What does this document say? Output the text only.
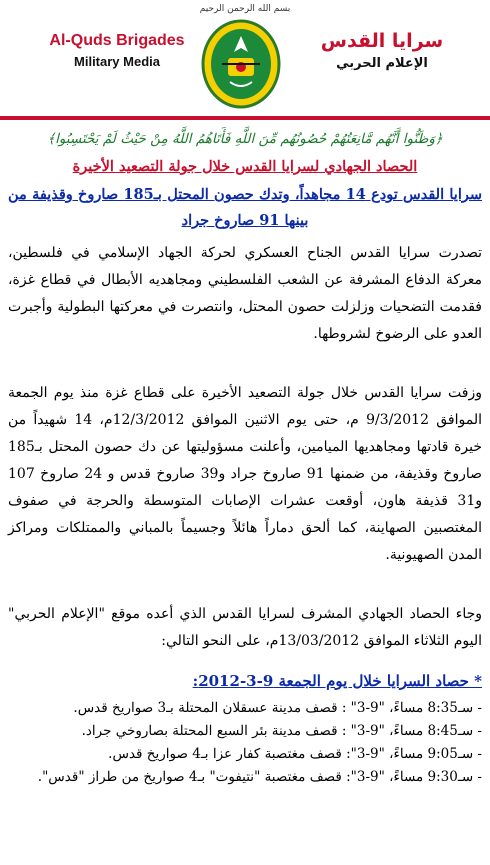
بسم الله الرحمن الرحيم
Al-Quds Brigades
Military Media
سرايا القدس
الإعلام الحربي
﴿وَظَنُّوا أَنَّهُم مَّانِعَتُهُمْ حُصُونُهُم مِّنَ اللَّهِ فَأَتَاهُمُ اللَّهُ مِنْ حَيْثُ لَمْ يَحْتَسِبُوا﴾
الحصاد الجهادي لسرايا القدس خلال جولة التصعيد الأخيرة
سرايا القدس تودع 14 مجاهداً، وتدك حصون المحتل بـ185 صاروخ وقذيفة من بينها 91 صاروخ جراد

تصدرت سرايا القدس الجناح العسكري لحركة الجهاد الإسلامي في فلسطين، معركة الدفاع المشرفة عن الشعب الفلسطيني ومجاهديه الأبطال في قطاع غزة، فقدمت التضحيات وزلزلت حصون المحتل، وانتصرت في معركتها البطولية وأجبرت العدو على الرضوخ لشروطها.

وزفت سرايا القدس خلال جولة التصعيد الأخيرة على قطاع غزة منذ يوم الجمعة الموافق 9/3/2012 م، حتى يوم الاثنين الموافق 12/3/2012م، 14 شهيداً من خيرة قادتها ومجاهديها الميامين، وأعلنت مسؤوليتها عن دك حصون المحتل بـ185 صاروخ وقذيفة، من ضمنها 91 صاروخ جراد و39 صاروخ قدس و 24 صاروخ 107 و31 قذيفة هاون، أوقعت عشرات الإصابات المتوسطة والحرجة في صفوف المغتصبين الصهاينة، كما ألحق دماراً هائلاً وجسيماً بالمباني والممتلكات ومراكز المدن الصهيونية.

وجاء الحصاد الجهادي المشرف لسرايا القدس الذي أعده موقع "الإعلام الحربي" اليوم الثلاثاء الموافق 13/03/2012م، على النحو التالي:

* حصاد السرايا خلال يوم الجمعة 9-3-2012:
- سـ8:35 مساءً، "9-3" : قصف مدينة عسقلان المحتلة بـ3 صواريخ قدس.
- سـ8:45 مساءً، "9-3" : قصف مدينة بئر السبع المحتلة بصاروخي جراد.
- سـ9:05 مساءً، "9-3": قصف مغتصبة كفار عزا بـ4 صواريخ قدس.
- سـ9:30 مساءً، "9-3": قصف مغتصبة "نتيفوت" بـ4 صواريخ من طراز "قدس".
